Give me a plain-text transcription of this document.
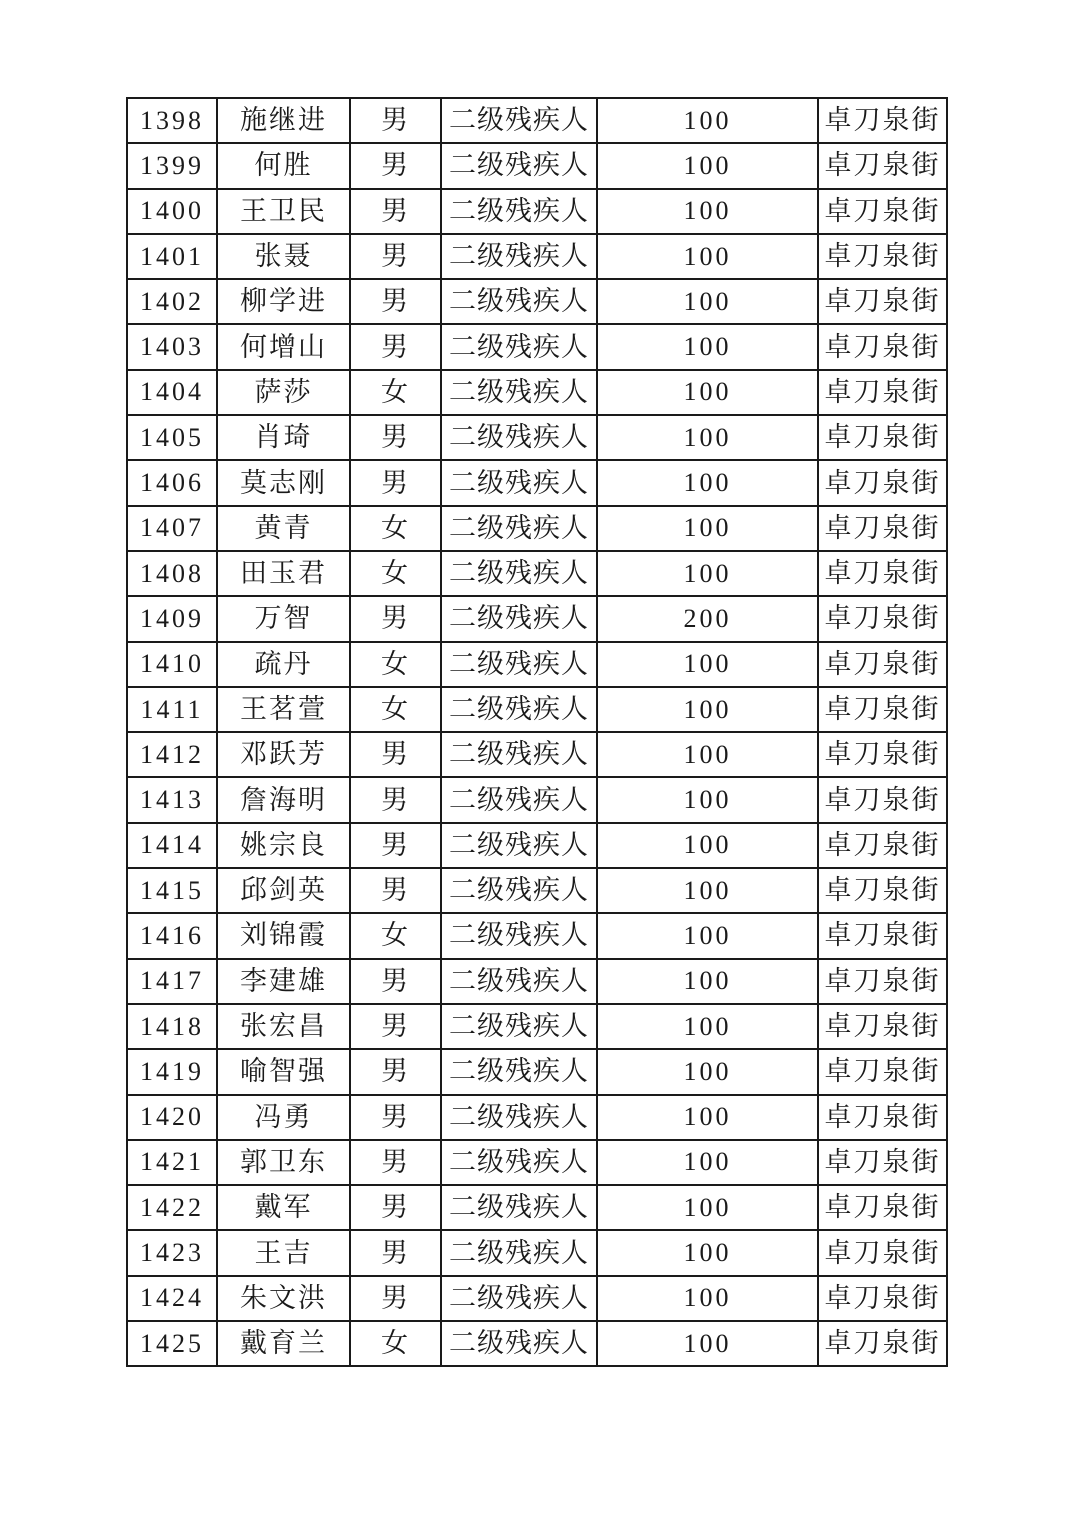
1398	施继进	男	二级残疾人	100	卓刀泉街
1399	何胜	男	二级残疾人	100	卓刀泉街
1400	王卫民	男	二级残疾人	100	卓刀泉街
1401	张聂	男	二级残疾人	100	卓刀泉街
1402	柳学进	男	二级残疾人	100	卓刀泉街
1403	何增山	男	二级残疾人	100	卓刀泉街
1404	萨莎	女	二级残疾人	100	卓刀泉街
1405	肖琦	男	二级残疾人	100	卓刀泉街
1406	莫志刚	男	二级残疾人	100	卓刀泉街
1407	黄青	女	二级残疾人	100	卓刀泉街
1408	田玉君	女	二级残疾人	100	卓刀泉街
1409	万智	男	二级残疾人	200	卓刀泉街
1410	疏丹	女	二级残疾人	100	卓刀泉街
1411	王茗萱	女	二级残疾人	100	卓刀泉街
1412	邓跃芳	男	二级残疾人	100	卓刀泉街
1413	詹海明	男	二级残疾人	100	卓刀泉街
1414	姚宗良	男	二级残疾人	100	卓刀泉街
1415	邱剑英	男	二级残疾人	100	卓刀泉街
1416	刘锦霞	女	二级残疾人	100	卓刀泉街
1417	李建雄	男	二级残疾人	100	卓刀泉街
1418	张宏昌	男	二级残疾人	100	卓刀泉街
1419	喻智强	男	二级残疾人	100	卓刀泉街
1420	冯勇	男	二级残疾人	100	卓刀泉街
1421	郭卫东	男	二级残疾人	100	卓刀泉街
1422	戴军	男	二级残疾人	100	卓刀泉街
1423	王吉	男	二级残疾人	100	卓刀泉街
1424	朱文洪	男	二级残疾人	100	卓刀泉街
1425	戴育兰	女	二级残疾人	100	卓刀泉街
